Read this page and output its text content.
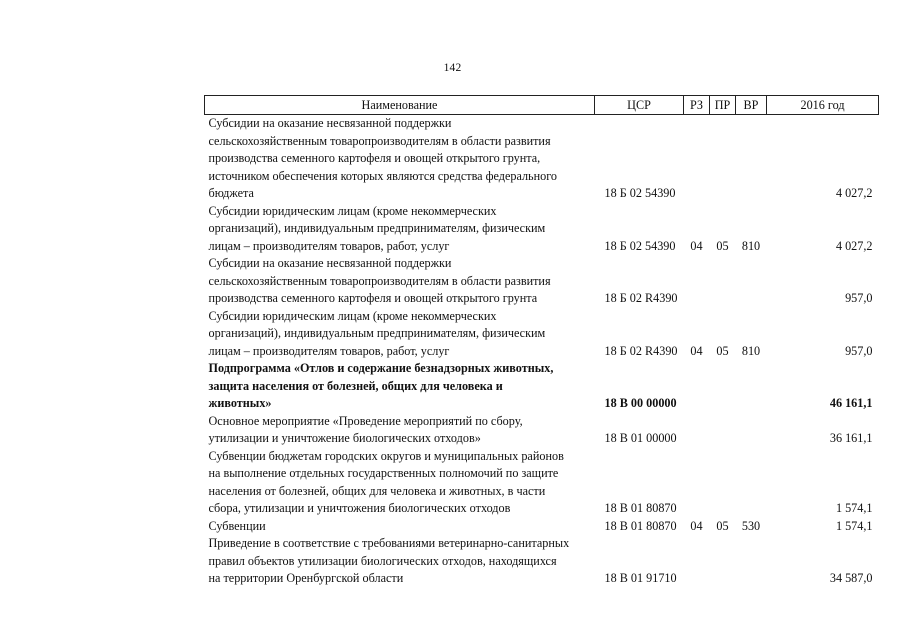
142
Наименование	ЦСР	РЗ	ПР	ВР	2016 год

Субсидии на оказание несвязанной поддержки
сельскохозяйственным товаропроизводителям в области развития
производства семенного картофеля и овощей открытого грунта,
источником обеспечения которых являются средства федерального
бюджета	18 Б 02 54390				4 027,2

Субсидии юридическим лицам (кроме некоммерческих
организаций), индивидуальным предпринимателям, физическим
лицам – производителям товаров, работ, услуг	18 Б 02 54390	04	05	810	4 027,2

Субсидии на оказание несвязанной поддержки
сельскохозяйственным товаропроизводителям в области развития
производства семенного картофеля и овощей открытого грунта	18 Б 02 R4390				957,0

Субсидии юридическим лицам (кроме некоммерческих
организаций), индивидуальным предпринимателям, физическим
лицам – производителям товаров, работ, услуг	18 Б 02 R4390	04	05	810	957,0

Подпрограмма «Отлов и содержание безнадзорных животных,
защита населения от болезней, общих для человека и
животных»	18 В 00 00000				46 161,1

Основное мероприятие «Проведение мероприятий по сбору,
утилизации и уничтожение биологических отходов»	18 В 01 00000				36 161,1

Субвенции бюджетам городских округов и муниципальных районов
на выполнение отдельных государственных полномочий по защите
населения от болезней, общих для человека и животных, в части
сбора, утилизации и уничтожения биологических отходов	18 В 01 80870				1 574,1

Субвенции	18 В 01 80870	04	05	530	1 574,1

Приведение в соответствие с требованиями ветеринарно-санитарных
правил объектов утилизации биологических отходов, находящихся
на территории Оренбургской области	18 В 01 91710				34 587,0
